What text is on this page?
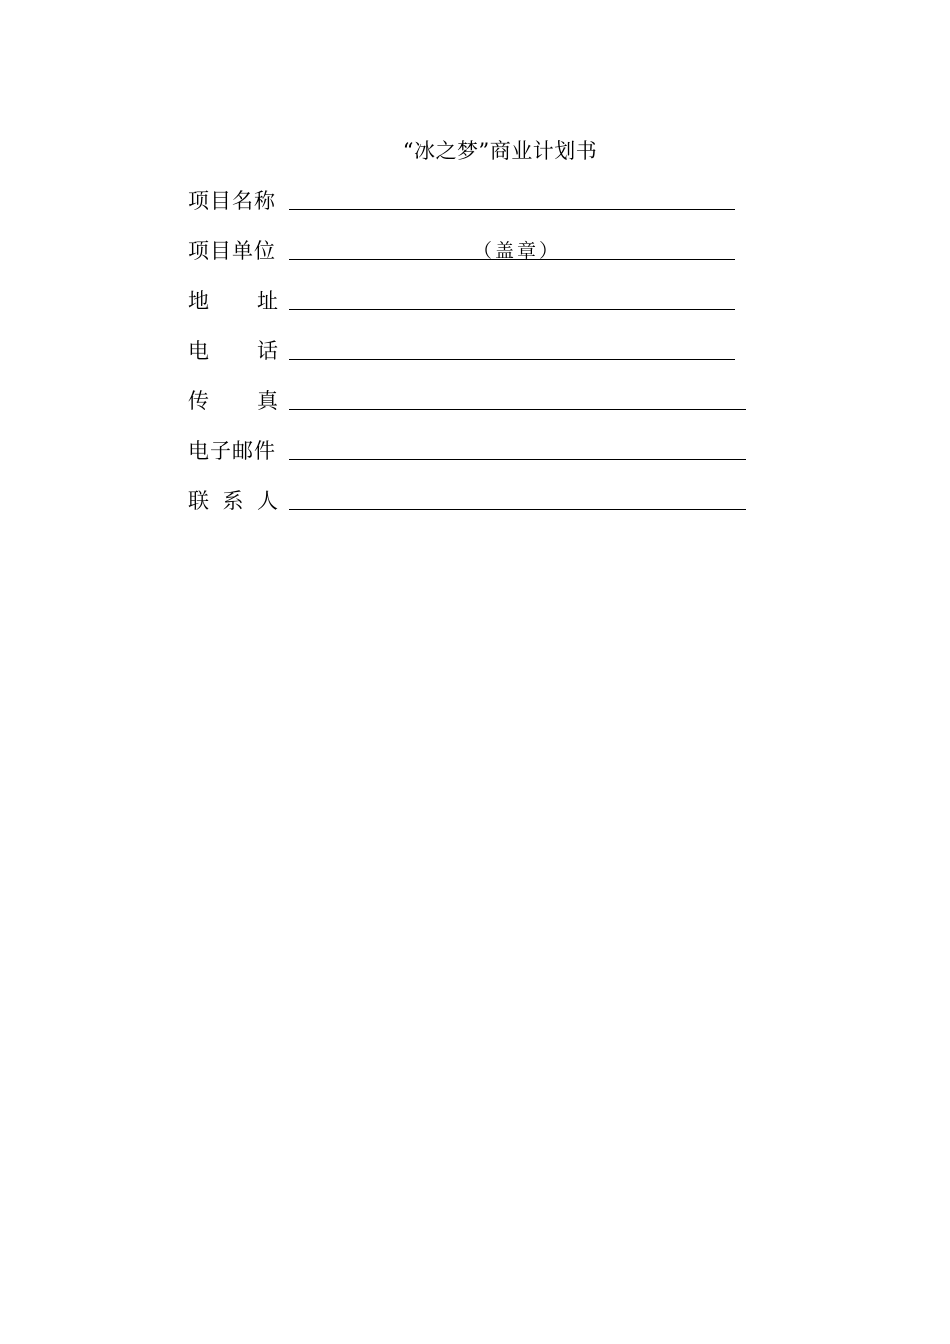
“冰之梦”商业计划书
项目名称
项目单位	（盖章）
地 址
电 话
传 真
电子邮件
联 系 人
